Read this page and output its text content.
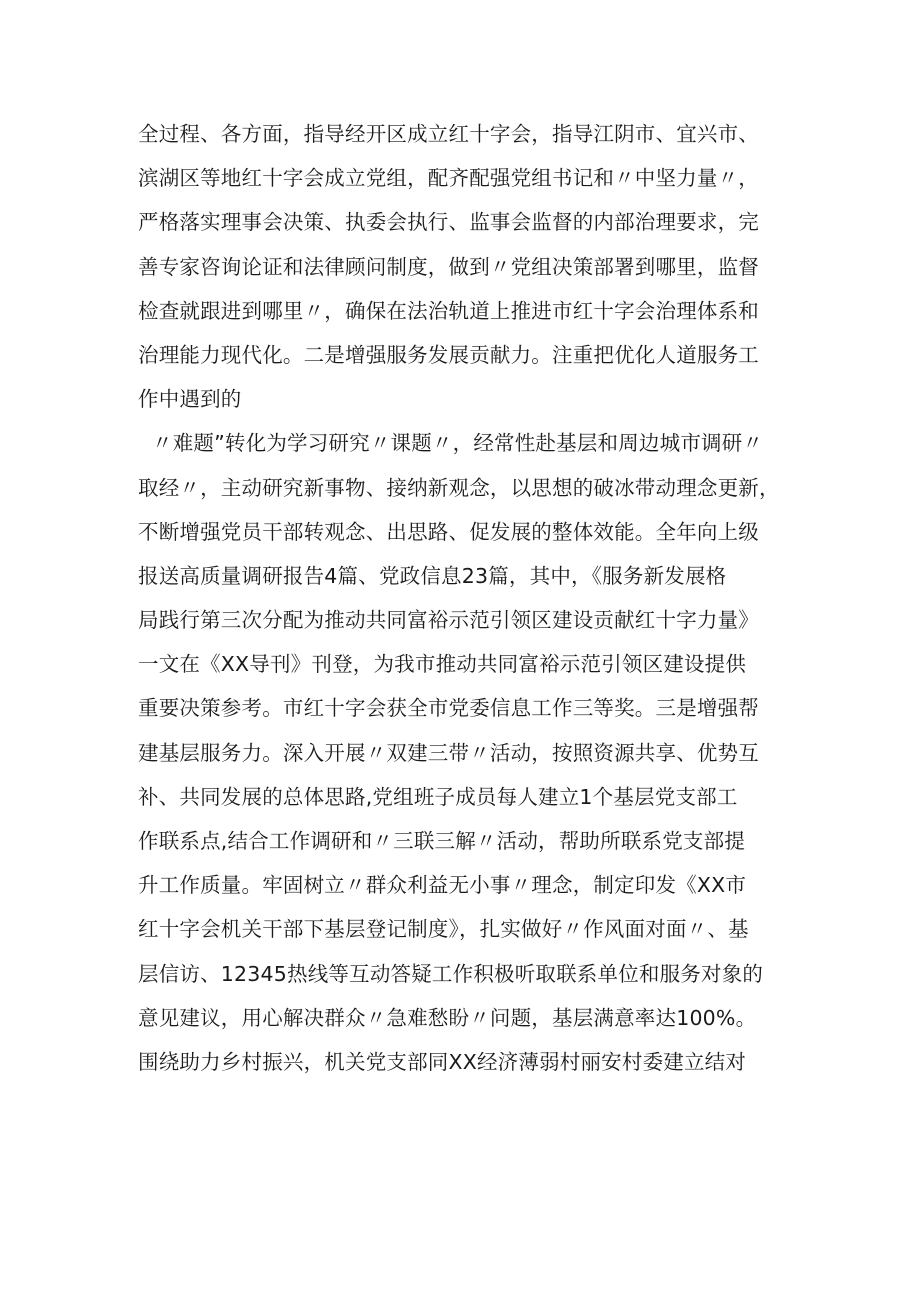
全过程、各方面，指导经开区成立红十字会，指导江阴市、宜兴市、
滨湖区等地红十字会成立党组，配齐配强党组书记和〃中坚力量〃，
严格落实理事会决策、执委会执行、监事会监督的内部治理要求，完
善专家咨询论证和法律顾问制度，做到〃党组决策部署到哪里，监督
检查就跟进到哪里〃，确保在法治轨道上推进市红十字会治理体系和
治理能力现代化。二是增强服务发展贡献力。注重把优化人道服务工
作中遇到的
〃难题”转化为学习研究〃课题〃，经常性赴基层和周边城市调研〃
取经〃，主动研究新事物、接纳新观念，以思想的破冰带动理念更新，
不断增强党员干部转观念、出思路、促发展的整体效能。全年向上级
报送高质量调研报告4篇、党政信息23篇，其中，《服务新发展格
局践行第三次分配为推动共同富裕示范引领区建设贡献红十字力量》
一文在《XX导刊》刊登，为我市推动共同富裕示范引领区建设提供
重要决策参考。市红十字会获全市党委信息工作三等奖。三是增强帮
建基层服务力。深入开展〃双建三带〃活动，按照资源共享、优势互
补、共同发展的总体思路,党组班子成员每人建立1个基层党支部工
作联系点,结合工作调研和〃三联三解〃活动，帮助所联系党支部提
升工作质量。牢固树立〃群众利益无小事〃理念，制定印发《XX市
红十字会机关干部下基层登记制度》，扎实做好〃作风面对面〃、基
层信访、12345热线等互动答疑工作积极听取联系单位和服务对象的
意见建议，用心解决群众〃急难愁盼〃问题，基层满意率达100%。
围绕助力乡村振兴，机关党支部同XX经济薄弱村丽安村委建立结对
